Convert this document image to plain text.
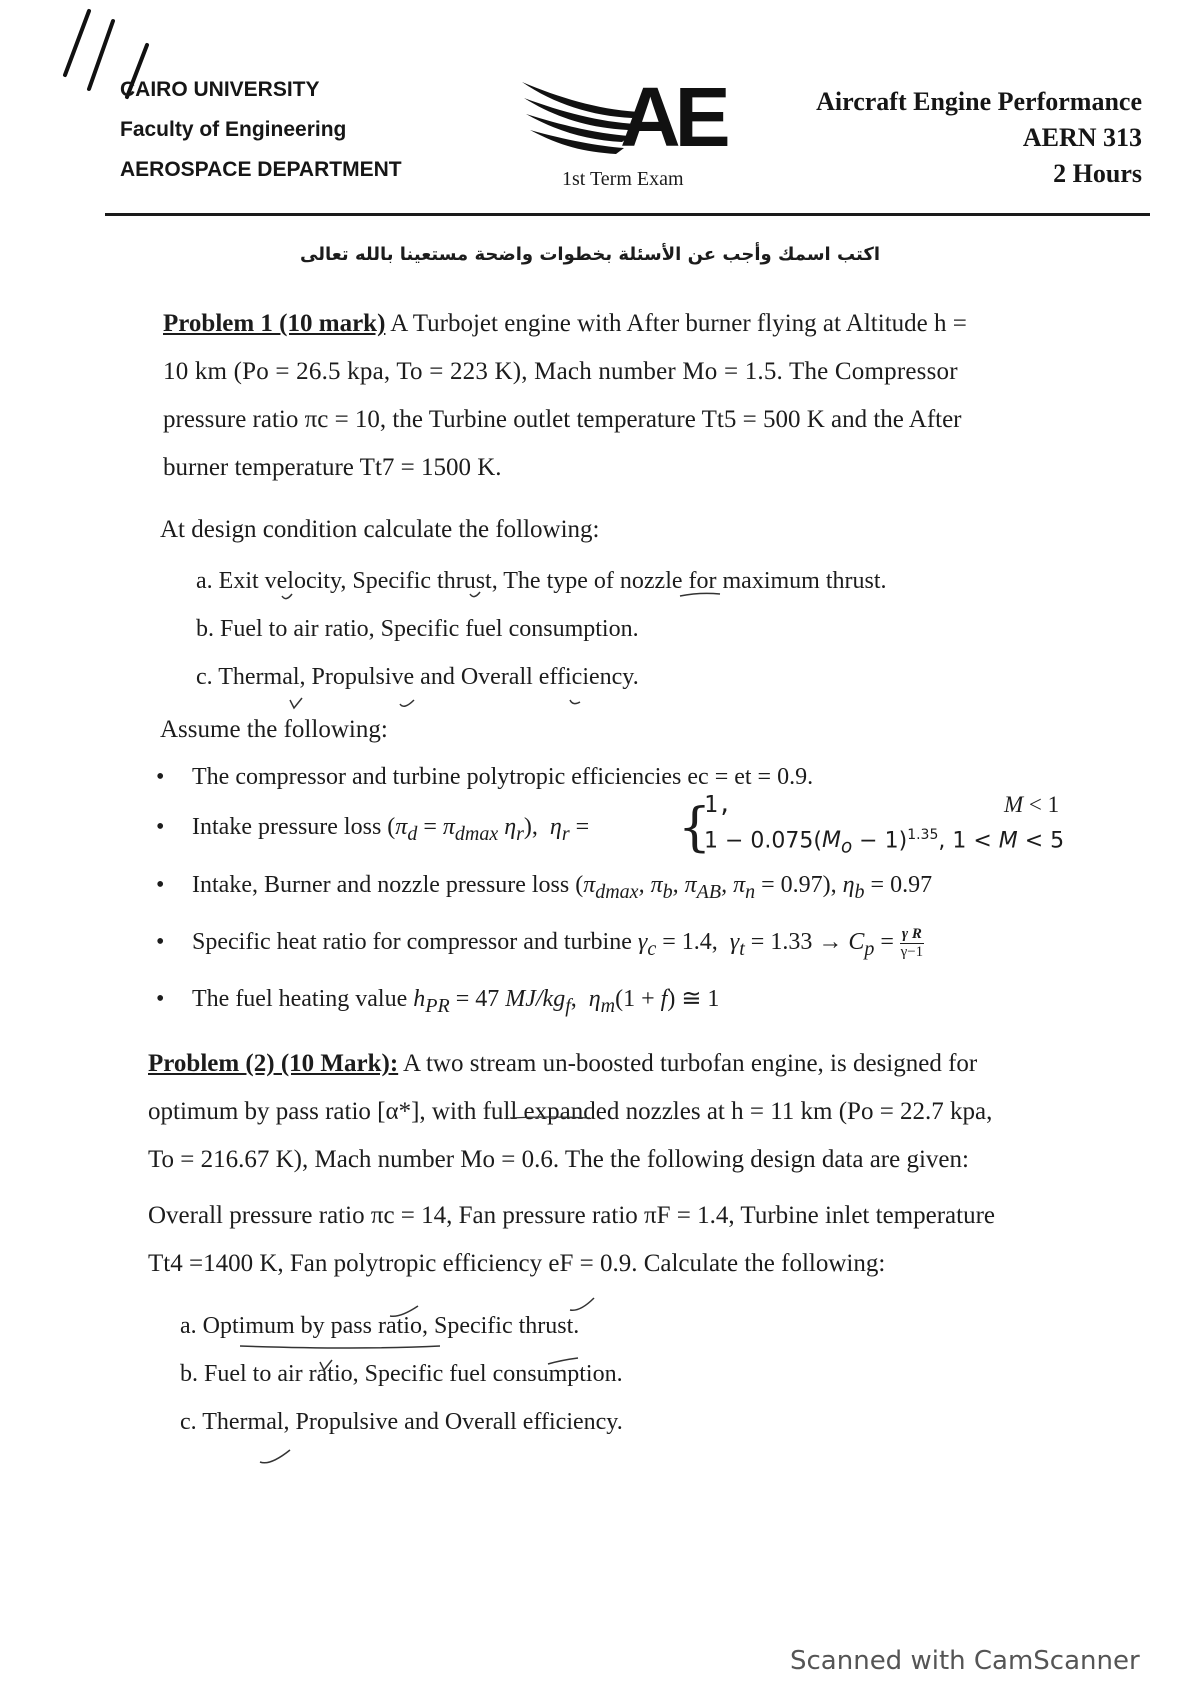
CAIRO UNIVERSITY
Faculty of Engineering
AEROSPACE DEPARTMENT
AE
1st Term Exam
Aircraft Engine Performance
AERN 313
2 Hours
اكتب اسمك وأجب عن الأسئلة بخطوات واضحة مستعينا بالله تعالى
Problem 1 (10 mark) A Turbojet engine with After burner flying at Altitude h =
10 km (Po = 26.5 kpa, To = 223 K), Mach number Mo = 1.5. The Compressor
pressure ratio πc = 10, the Turbine outlet temperature Tt5 = 500 K and the After
burner temperature Tt7 = 1500 K.
At design condition calculate the following:
a. Exit velocity, Specific thrust, The type of nozzle for maximum thrust.
b. Fuel to air ratio, Specific fuel consumption.
c. Thermal, Propulsive and Overall efficiency.
Assume the following:
• The compressor and turbine polytropic efficiencies ec = et = 0.9.
• Intake pressure loss ($\pi_d = \pi_{dmax}$ $\eta_r$),  $\eta_r$ = {
1,	M < 1
$1 - 0.075(M_o - 1)^{1.35}$, 1 < M < 5
• Intake, Burner and nozzle pressure loss ($\pi_{dmax}$, $\pi_b$, $\pi_{AB}$, $\pi_n = 0.97$), $\eta_b = 0.97$
• Specific heat ratio for compressor and turbine $\gamma_c = 1.4$,  $\gamma_t = 1.33 \to C_p = \frac{\text{γ R}}{\gamma-1}$
• The fuel heating value $h_{PR} = 47$ $MJ/kg_f$,  $\eta_m(1 + f)$ ≅ 1
Problem (2) (10 Mark): A two stream un-boosted turbofan engine, is designed for
optimum by pass ratio [α*], with full expanded nozzles at h = 11 km (Po = 22.7 kpa,
To = 216.67 K), Mach number Mo = 0.6. The the following design data are given:
Overall pressure ratio πc = 14, Fan pressure ratio πF = 1.4, Turbine inlet temperature
Tt4 =1400 K, Fan polytropic efficiency eF = 0.9. Calculate the following:
a. Optimum by pass ratio, Specific thrust.
b. Fuel to air ratio, Specific fuel consumption.
c. Thermal, Propulsive and Overall efficiency.
Scanned with CamScanner
